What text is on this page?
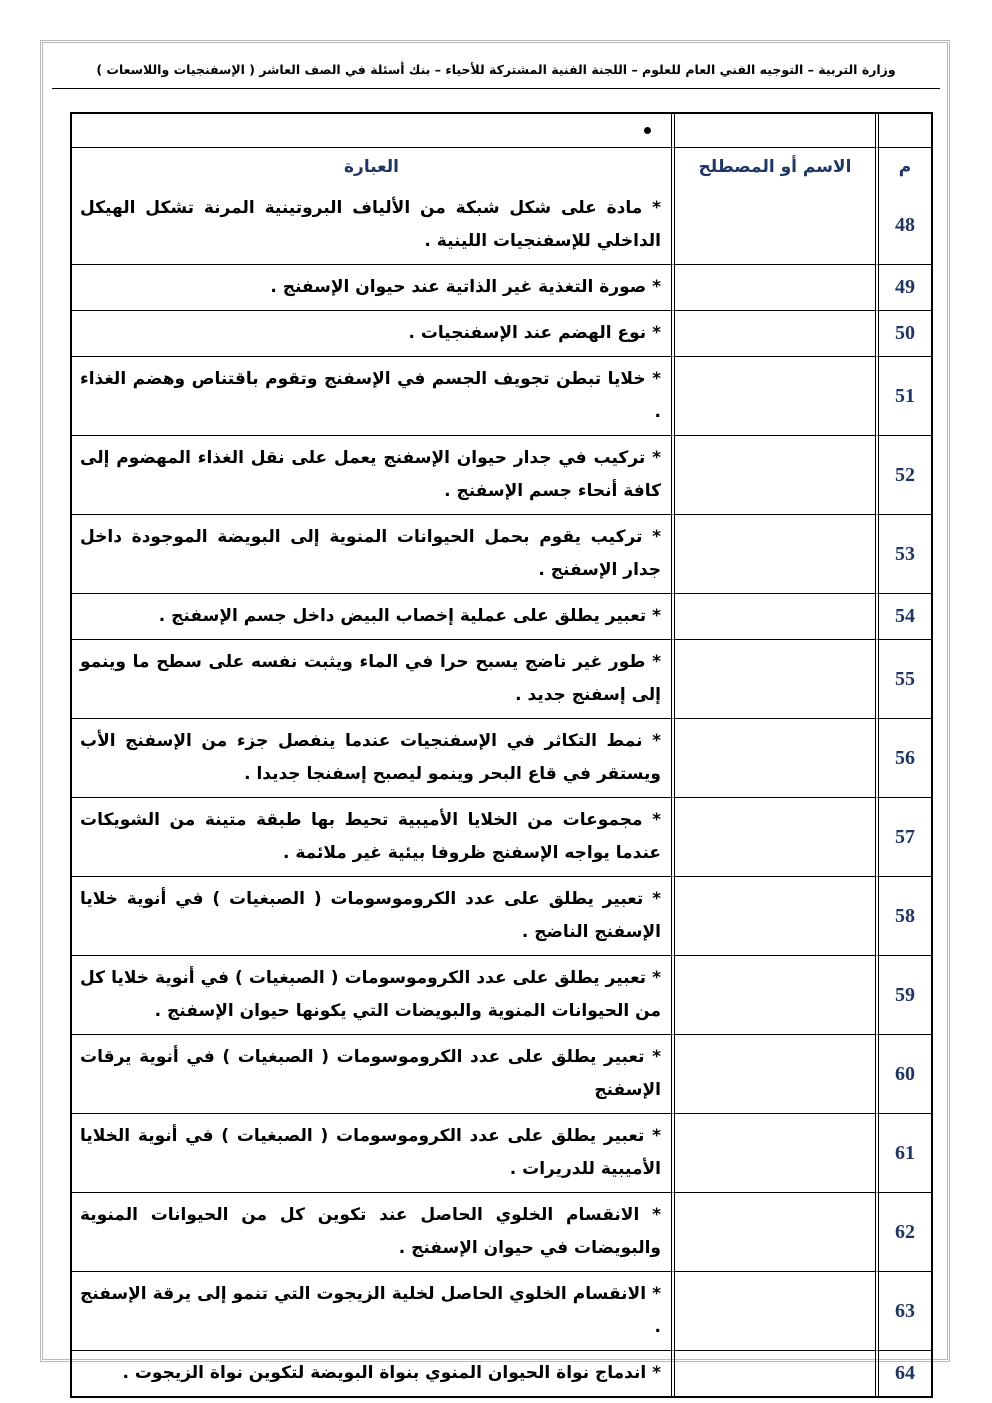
وزارة التربية – التوجيه الفني العام للعلوم – اللجنة الفنية المشتركة للأحياء – بنك أسئلة في الصف العاشر ( الإسفنجيات واللاسعات )

م	الاسم أو المصطلح	العبارة
48		* مادة على شكل شبكة من الألياف البروتينية المرنة تشكل الهيكل الداخلي للإسفنجيات اللينية .
49		* صورة التغذية غير الذاتية عند حيوان الإسفنج .
50		* نوع الهضم عند الإسفنجيات .
51		* خلايا تبطن تجويف الجسم في الإسفنج وتقوم باقتناص وهضم الغذاء .
52		* تركيب في جدار حيوان الإسفنج يعمل على نقل الغذاء المهضوم إلى كافة أنحاء جسم الإسفنج .
53		* تركيب يقوم بحمل الحيوانات المنوية إلى البويضة الموجودة داخل جدار الإسفنج .
54		* تعبير يطلق على عملية إخصاب البيض داخل جسم الإسفنج .
55		* طور غير ناضج يسبح حرا في الماء ويثبت نفسه على سطح ما وينمو إلى إسفنج جديد .
56		* نمط التكاثر في الإسفنجيات عندما ينفصل جزء من الإسفنج الأب ويستقر في قاع البحر وينمو ليصبح إسفنجا جديدا .
57		* مجموعات من الخلايا الأميبية تحيط بها طبقة متينة من الشويكات عندما يواجه الإسفنج ظروفا بيئية غير ملائمة .
58		* تعبير يطلق على عدد الكروموسومات ( الصبغيات ) في أنوية خلايا الإسفنج الناضج .
59		* تعبير يطلق على عدد الكروموسومات ( الصبغيات ) في أنوية خلايا كل من الحيوانات المنوية والبويضات التي يكونها حيوان الإسفنج .
60		* تعبير يطلق على عدد الكروموسومات ( الصبغيات ) في أنوية يرقات الإسفنج
61		* تعبير يطلق على عدد الكروموسومات ( الصبغيات ) في أنوية الخلايا الأميبية للدريرات .
62		* الانقسام الخلوي الحاصل عند تكوين كل من الحيوانات المنوية والبويضات في حيوان الإسفنج .
63		* الانقسام الخلوي الحاصل لخلية الزيجوت التي تنمو إلى يرقة الإسفنج .
64		* اندماج نواة الحيوان المنوي بنواة البويضة لتكوين نواة الزيجوت .
